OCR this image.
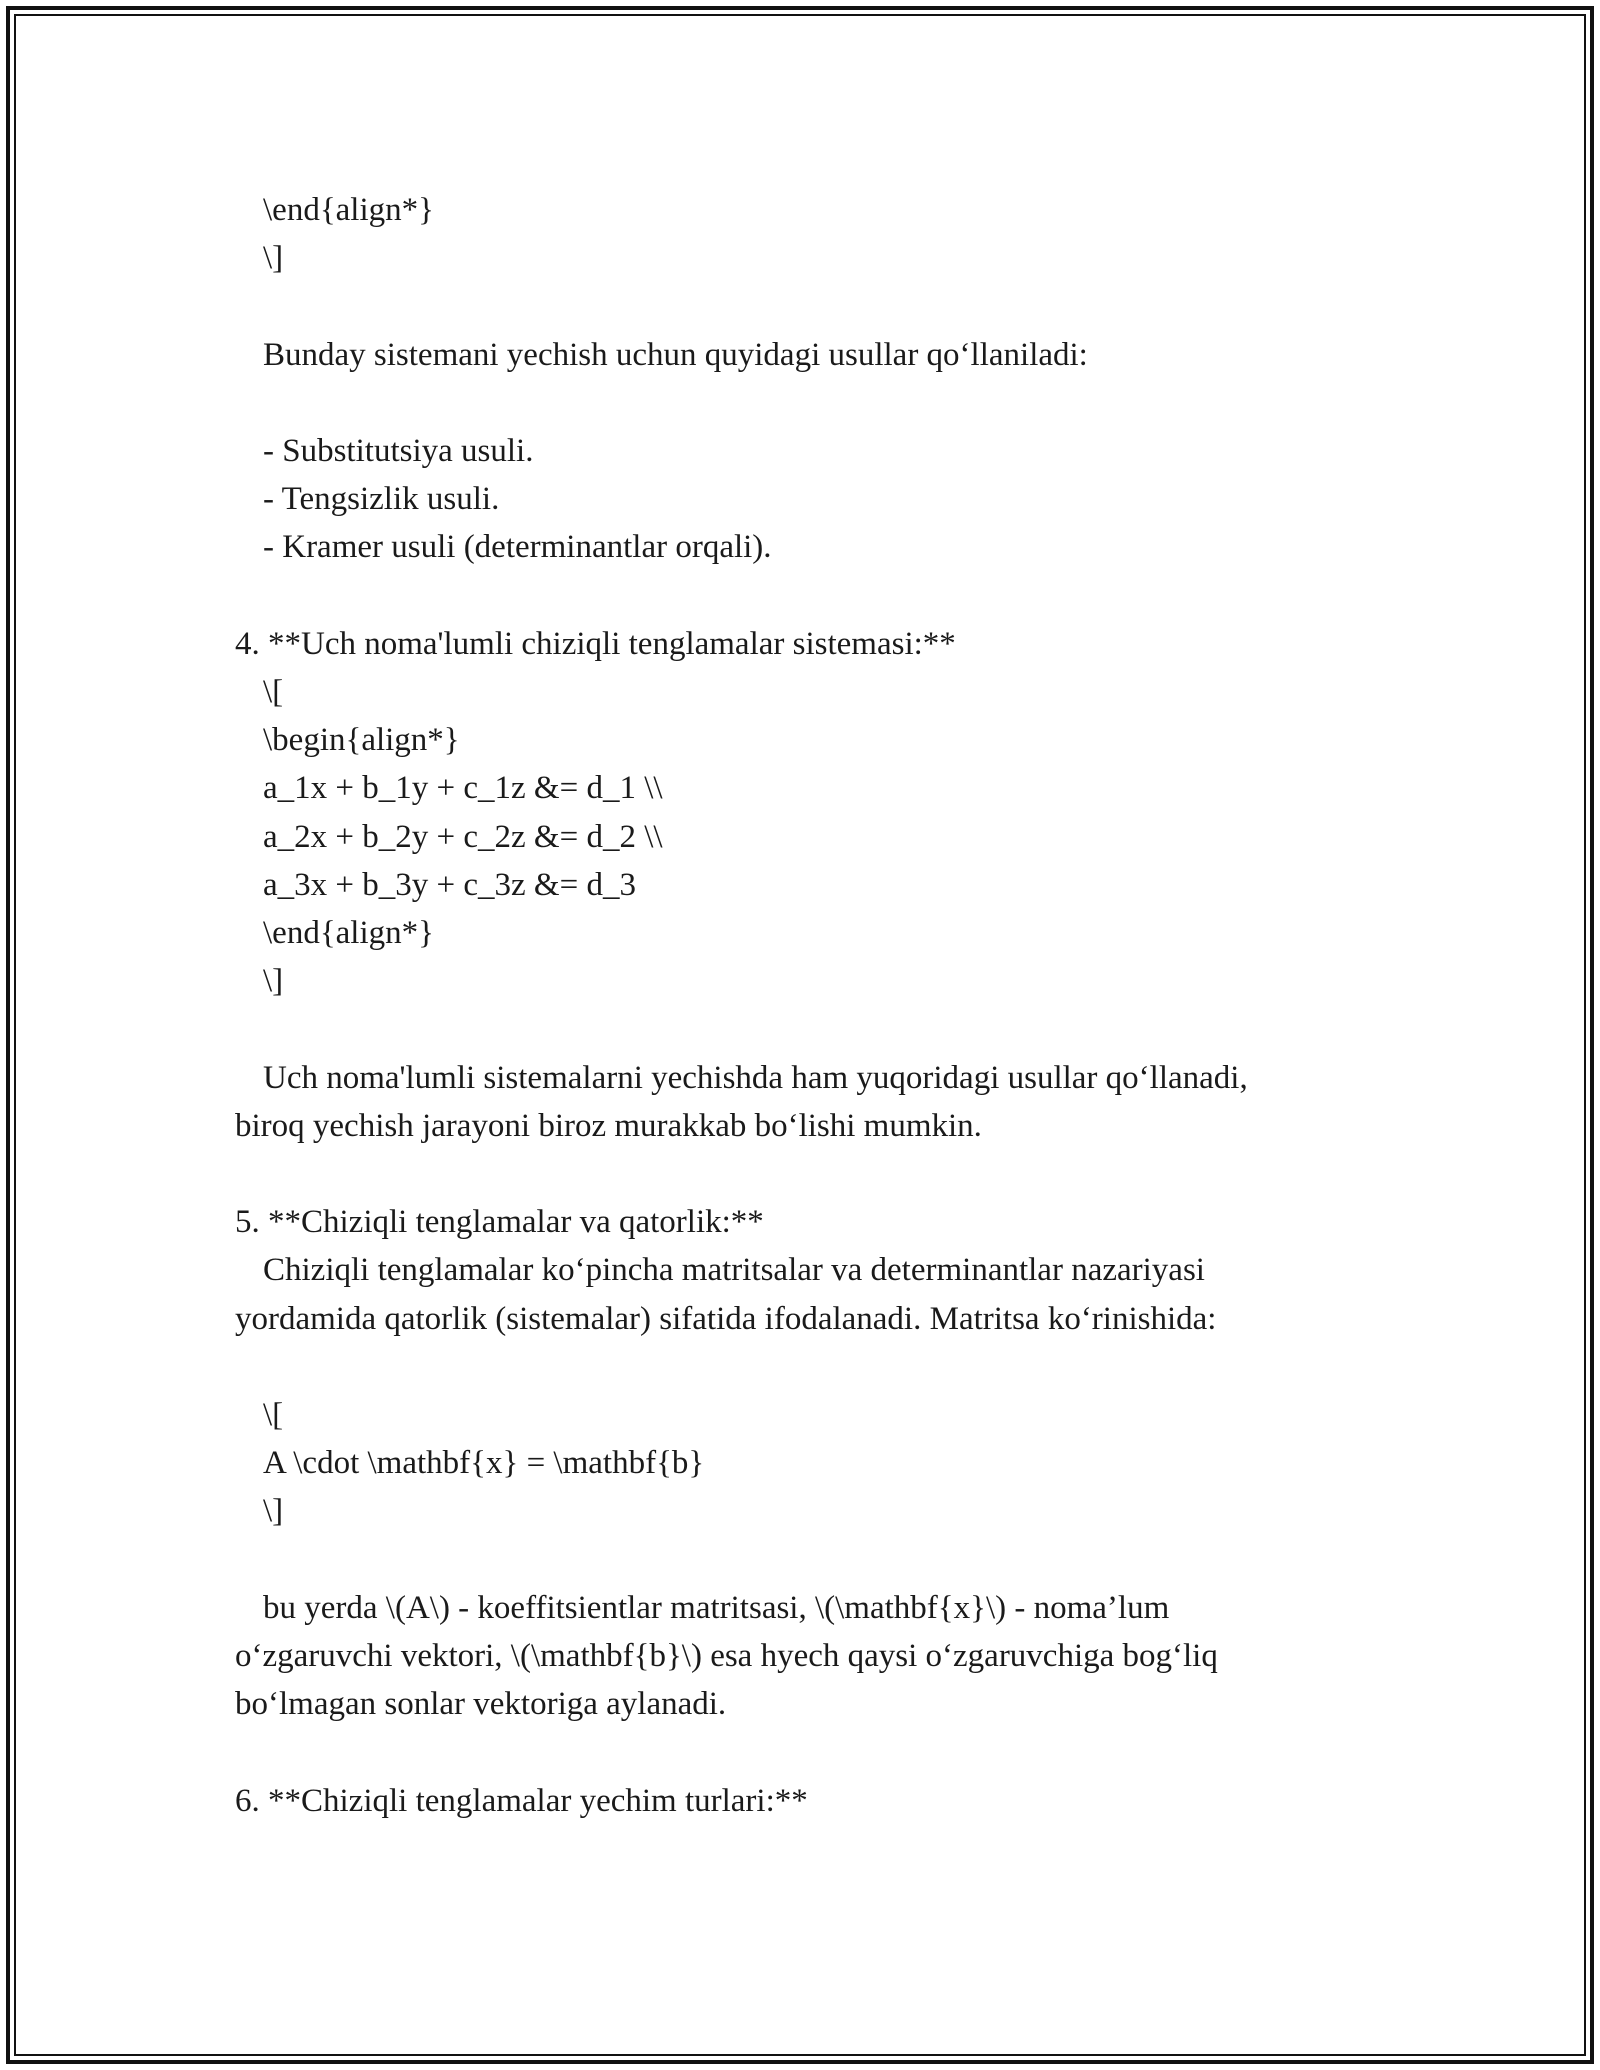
\end{align*}
\]
Bunday sistemani yechish uchun quyidagi usullar qo‘llaniladi:
- Substitutsiya usuli.
- Tengsizlik usuli.
- Kramer usuli (determinantlar orqali).
4. **Uch noma'lumli chiziqli tenglamalar sistemasi:**
\[
\begin{align*}
a_1x + b_1y + c_1z &= d_1 \\
a_2x + b_2y + c_2z &= d_2 \\
a_3x + b_3y + c_3z &= d_3
\end{align*}
\]
Uch noma'lumli sistemalarni yechishda ham yuqoridagi usullar qo‘llanadi,
biroq yechish jarayoni biroz murakkab bo‘lishi mumkin.
5. **Chiziqli tenglamalar va qatorlik:**
Chiziqli tenglamalar ko‘pincha matritsalar va determinantlar nazariyasi
yordamida qatorlik (sistemalar) sifatida ifodalanadi. Matritsa ko‘rinishida:
\[
A \cdot \mathbf{x} = \mathbf{b}
\]
bu yerda \(A\) - koeffitsientlar matritsasi, \(\mathbf{x}\) - noma’lum
o‘zgaruvchi vektori, \(\mathbf{b}\) esa hyech qaysi o‘zgaruvchiga bog‘liq
bo‘lmagan sonlar vektoriga aylanadi.
6. **Chiziqli tenglamalar yechim turlari:**
